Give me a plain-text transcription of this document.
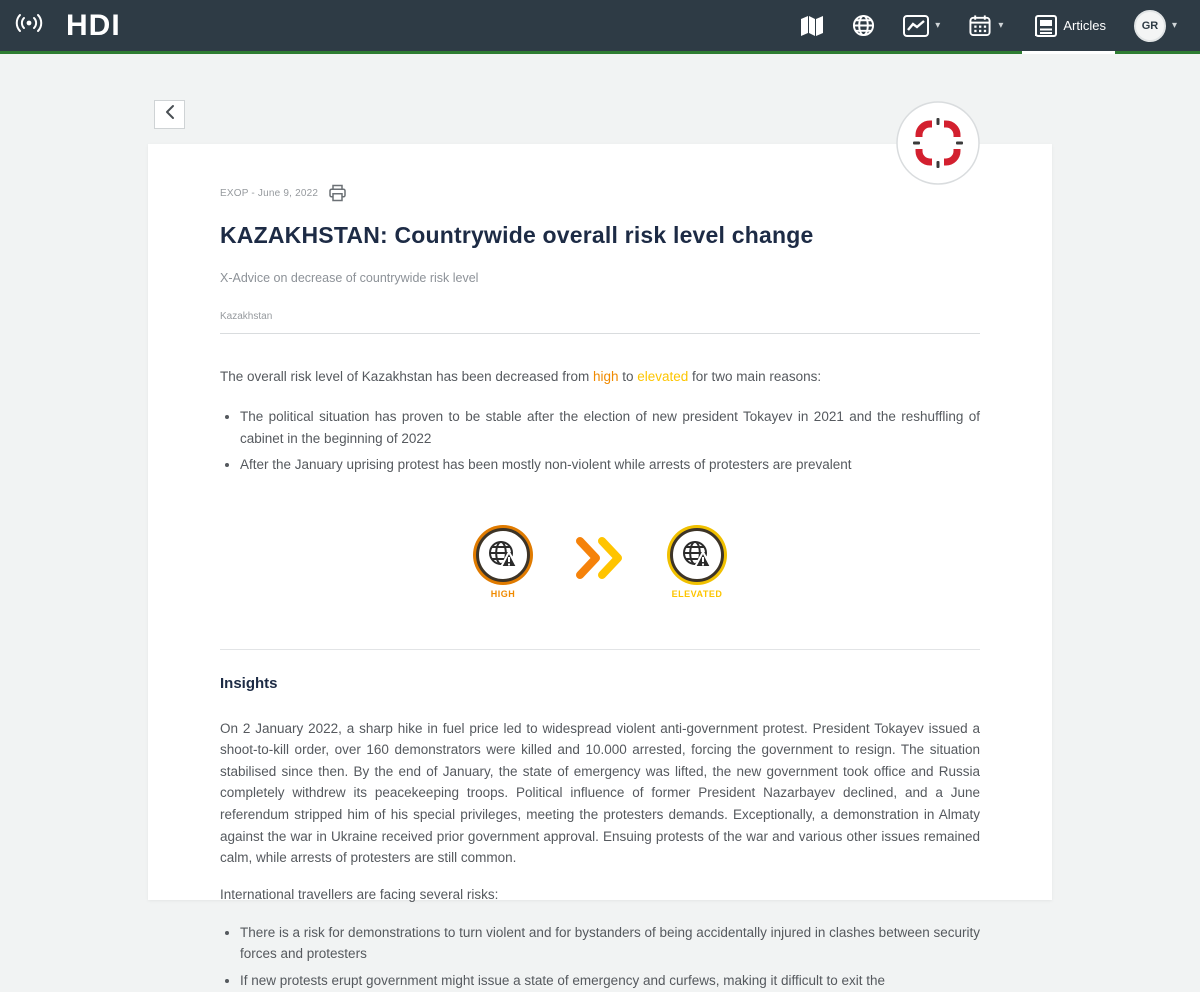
HDI	▾	▾	Articles	GR	▾
EXOP - June 9, 2022
KAZAKHSTAN: Countrywide overall risk level change
X-Advice on decrease of countrywide risk level
Kazakhstan

The overall risk level of Kazakhstan has been decreased from high to elevated for two main reasons:

• The political situation has proven to be stable after the election of new president Tokayev in 2021 and the reshuffling of cabinet in the beginning of 2022
• After the January uprising protest has been mostly non-violent while arrests of protesters are prevalent
HIGH	ELEVATED
Insights

On 2 January 2022, a sharp hike in fuel price led to widespread violent anti-government protest. President Tokayev issued a shoot-to-kill order, over 160 demonstrators were killed and 10.000 arrested, forcing the government to resign. The situation stabilised since then. By the end of January, the state of emergency was lifted, the new government took office and Russia completely withdrew its peacekeeping troops. Political influence of former President Nazarbayev declined, and a June referendum stripped him of his special privileges, meeting the protesters demands. Exceptionally, a demonstration in Almaty against the war in Ukraine received prior government approval. Ensuing protests of the war and various other issues remained calm, while arrests of protesters are still common.

International travellers are facing several risks:

• There is a risk for demonstrations to turn violent and for bystanders of being accidentally injured in clashes between security forces and protesters
• If new protests erupt government might issue a state of emergency and curfews, making it difficult to exit the
